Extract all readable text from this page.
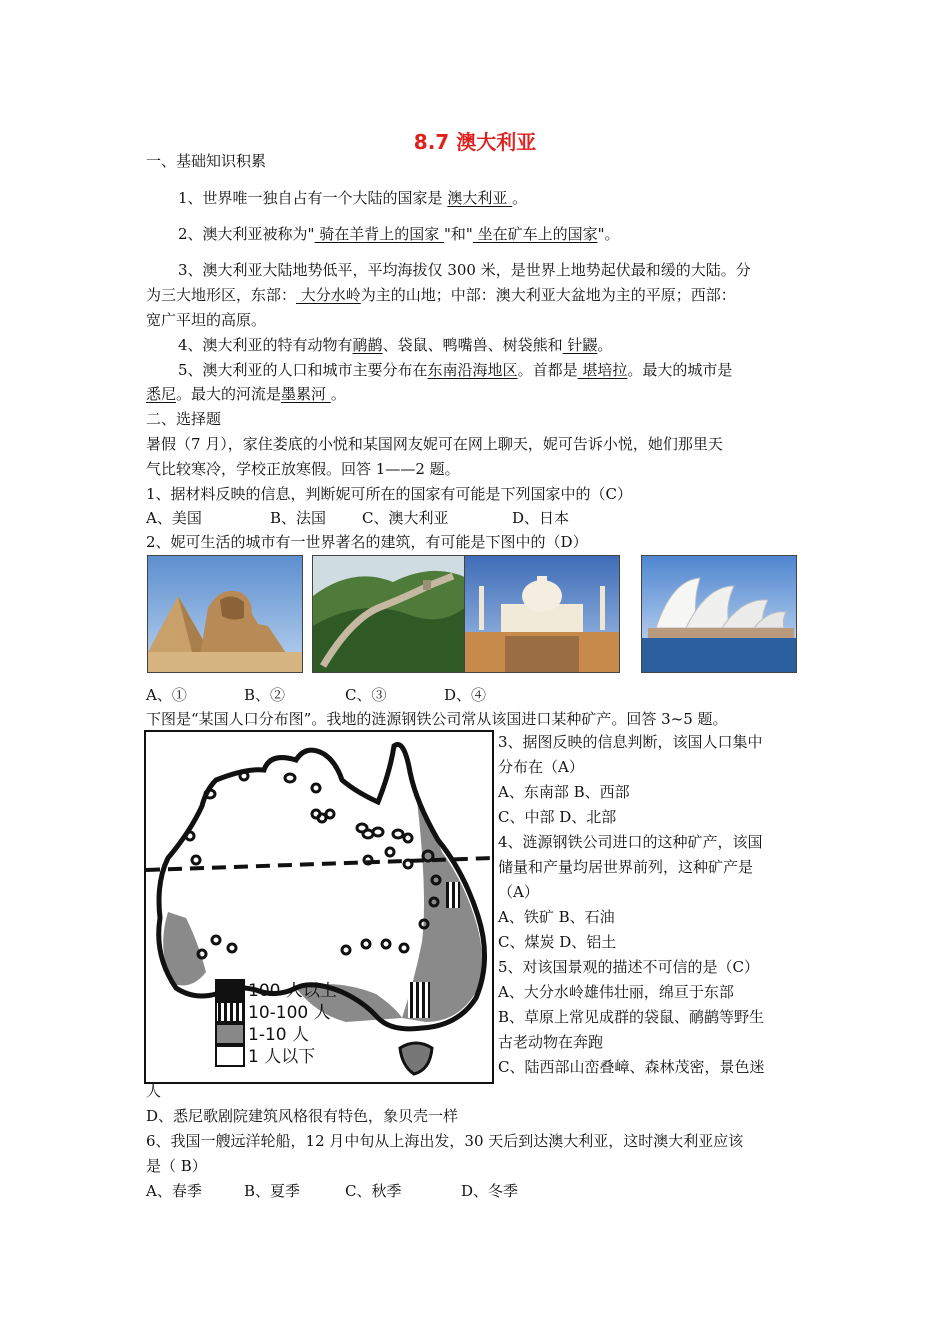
8.7 澳大利亚
一、基础知识积累
1、世界唯一独自占有一个大陆的国家是 澳大利亚 。
2、澳大利亚被称为" 骑在羊背上的国家 "和" 坐在矿车上的国家"。
3、澳大利亚大陆地势低平，平均海拔仅 300 米，是世界上地势起伏最和缓的大陆。分
为三大地形区，东部： 大分水岭为主的山地；中部：澳大利亚大盆地为主的平原；西部：
宽广平坦的高原。
4、澳大利亚的特有动物有鸸鹋、袋鼠、鸭嘴兽、树袋熊和 针鼹。
5、澳大利亚的人口和城市主要分布在东南沿海地区。首都是 堪培拉。最大的城市是
悉尼。最大的河流是墨累河 。
二、选择题
暑假（7 月），家住娄底的小悦和某国网友妮可在网上聊天，妮可告诉小悦，她们那里天
气比较寒冷，学校正放寒假。回答 1——2 题。
1、据材料反映的信息，判断妮可所在的国家有可能是下列国家中的（C）
A、美国	B、法国 C、澳大利亚	D、日本
2、妮可生活的城市有一世界著名的建筑，有可能是下图中的（D）
A、①	B、②	C、③	D、④
下图是“某国人口分布图”。我地的涟源钢铁公司常从该国进口某种矿产。回答 3~5 题。
100 人以上
10-100 人
1-10 人
1 人以下
3、据图反映的信息判断，该国人口集中
分布在（A）
A、东南部 B、西部
C、中部 D、北部
4、涟源钢铁公司进口的这种矿产，该国
储量和产量均居世界前列，这种矿产是
（A）
A、铁矿 B、石油
C、煤炭 D、铝土
5、对该国景观的描述不可信的是（C）
A、大分水岭雄伟壮丽，绵亘于东部
B、草原上常见成群的袋鼠、鸸鹋等野生
古老动物在奔跑
C、陆西部山峦叠嶂、森林茂密，景色迷
人
D、悉尼歌剧院建筑风格很有特色，象贝壳一样
6、我国一艘远洋轮船，12 月中旬从上海出发，30 天后到达澳大利亚，这时澳大利亚应该
是（ B）
A、春季	B、夏季	C、秋季	D、冬季
